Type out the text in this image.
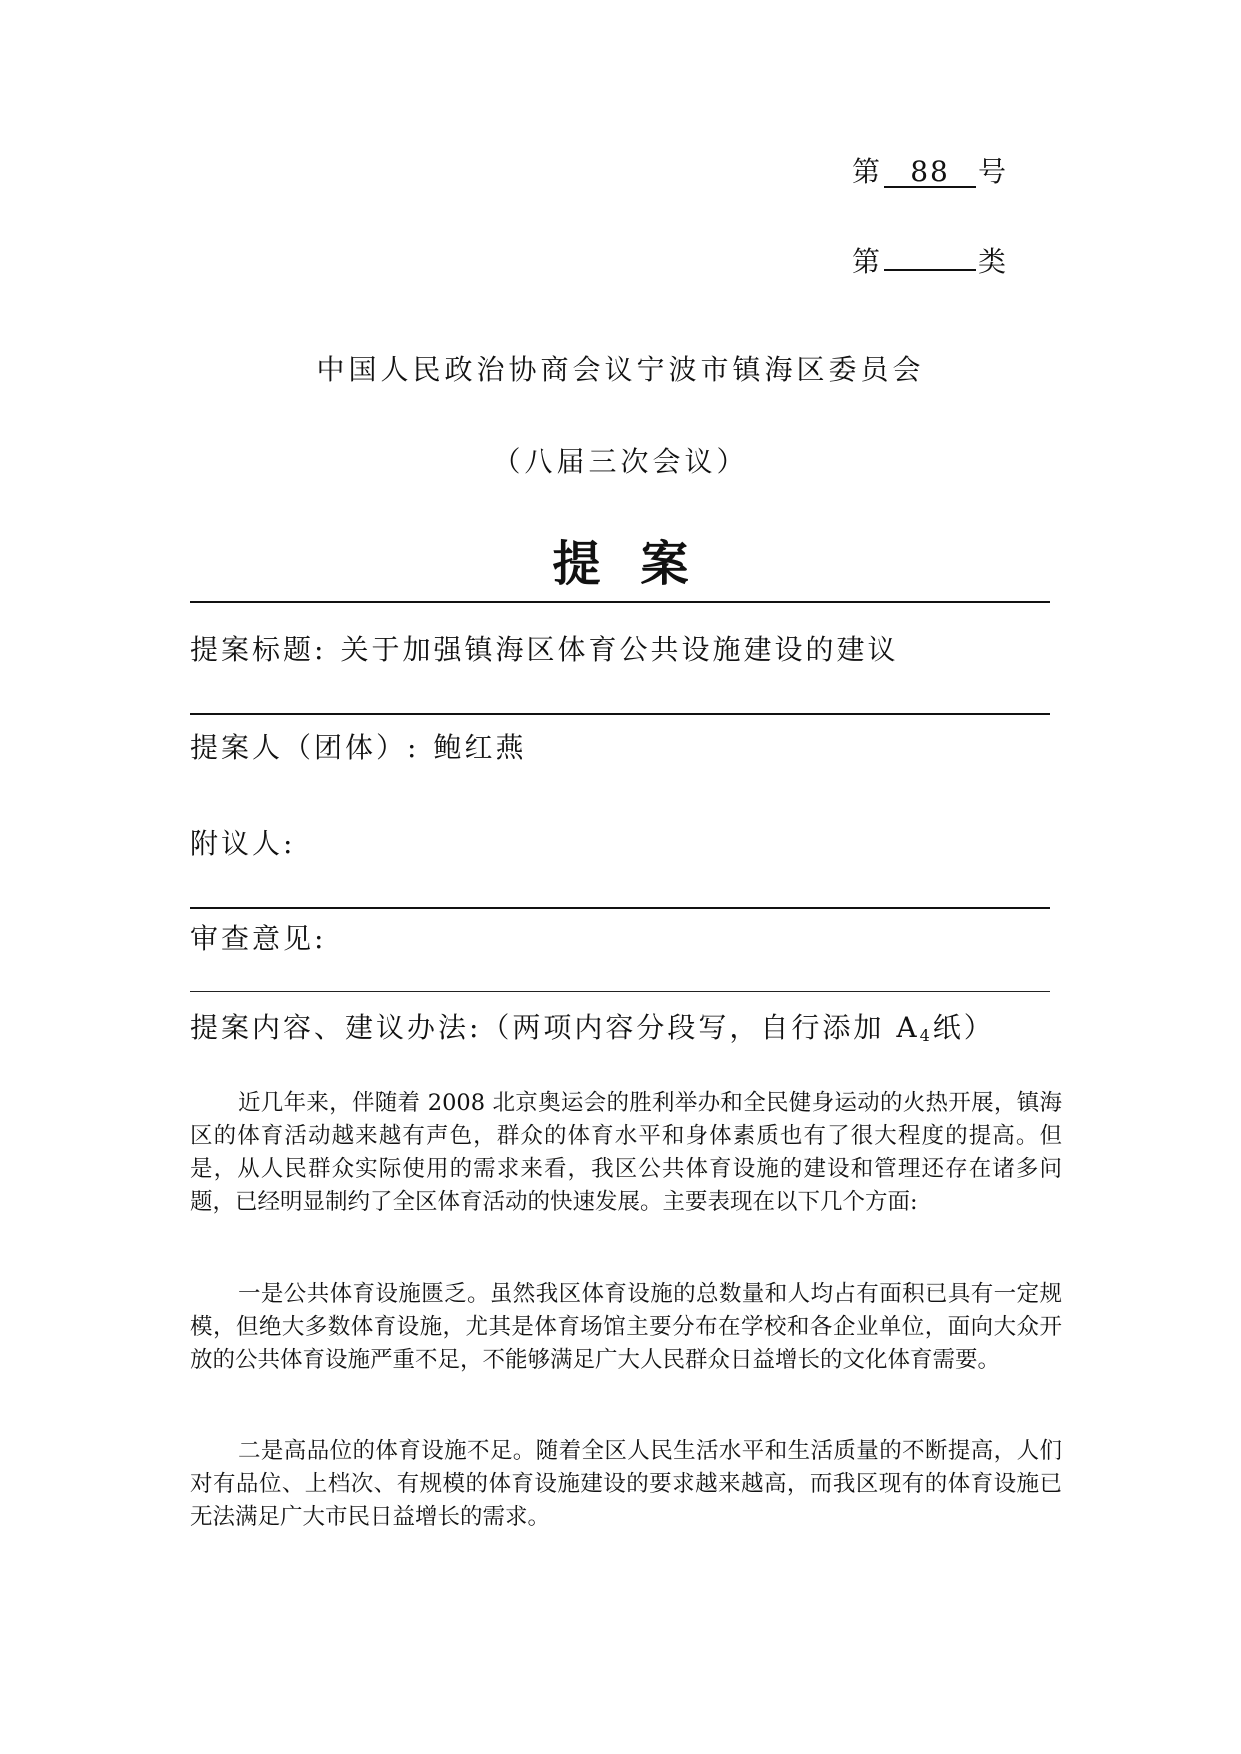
第 88 号
第	类
中国人民政治协商会议宁波市镇海区委员会
（八届三次会议）
提案
提案标题: 关于加强镇海区体育公共设施建设的建议
提案人（团体）: 鲍红燕
附议人:
审查意见:
提案内容、建议办法:（两项内容分段写，自行添加 $A_4$纸）

近几年来，伴随着 2008 北京奥运会的胜利举办和全民健身运动的火热开展，镇海区的体育活动越来越有声色，群众的体育水平和身体素质也有了很大程度的提高。但是，从人民群众实际使用的需求来看，我区公共体育设施的建设和管理还存在诸多问题，已经明显制约了全区体育活动的快速发展。主要表现在以下几个方面:

一是公共体育设施匮乏。虽然我区体育设施的总数量和人均占有面积已具有一定规模，但绝大多数体育设施，尤其是体育场馆主要分布在学校和各企业单位，面向大众开放的公共体育设施严重不足，不能够满足广大人民群众日益增长的文化体育需要。

二是高品位的体育设施不足。随着全区人民生活水平和生活质量的不断提高，人们对有品位、上档次、有规模的体育设施建设的要求越来越高，而我区现有的体育设施已无法满足广大市民日益增长的需求。
